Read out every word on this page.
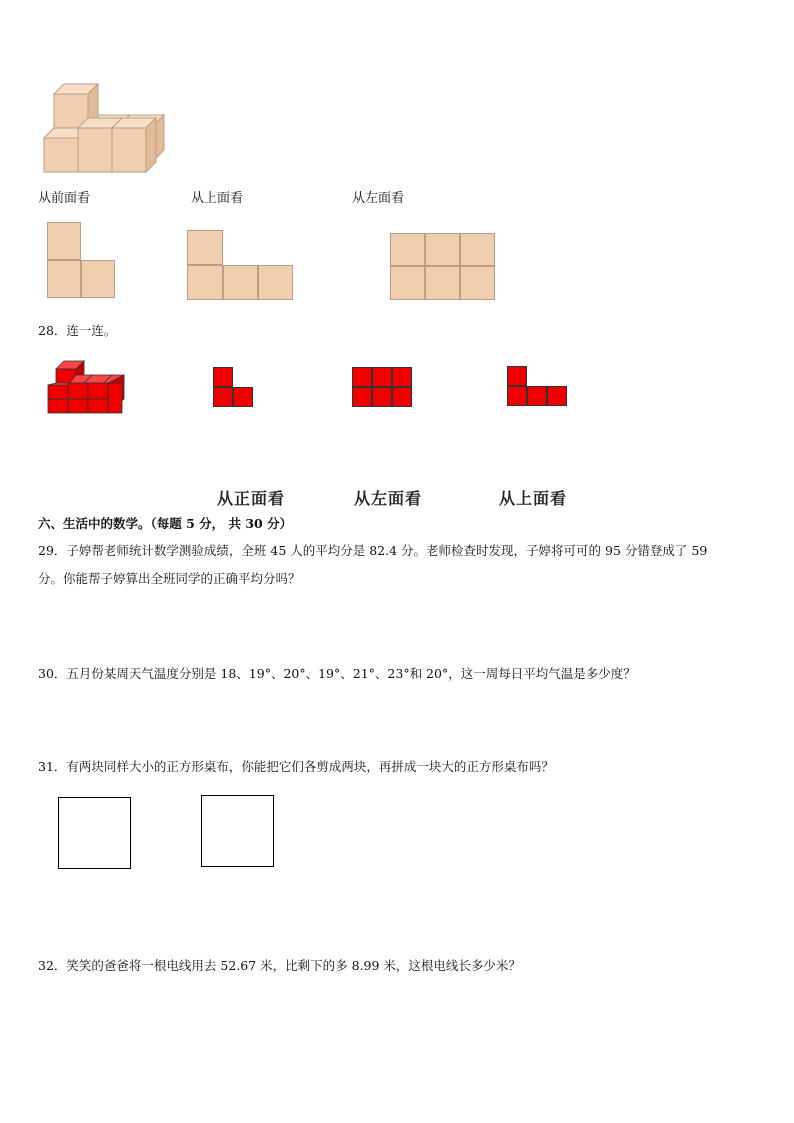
从前面看	从上面看	从左面看
28．连一连。
从正面看	从左面看	从上面看
六、生活中的数学。（每题 5 分， 共 30 分）
29．子婷帮老师统计数学测验成绩，全班 45 人的平均分是 82.4 分。老师检查时发现，子婷将可可的 95 分错登成了 59
分。你能帮子婷算出全班同学的正确平均分吗？
30．五月份某周天气温度分别是 18、19°、20°、19°、21°、23°和 20°，这一周每日平均气温是多少度？
31．有两块同样大小的正方形桌布，你能把它们各剪成两块，再拼成一块大的正方形桌布吗？
32．笑笑的爸爸将一根电线用去 52.67 米，比剩下的多 8.99 米，这根电线长多少米？
